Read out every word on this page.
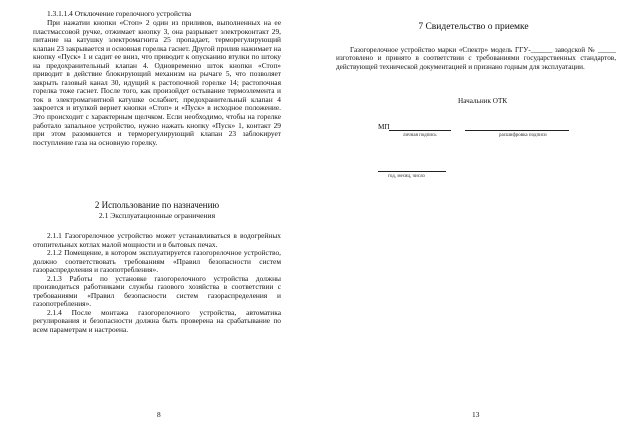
1.3.1.1.4 Отключение горелочного устройства

При нажатии кнопки «Стоп» 2 один из приливов, выполненных на ее пластмассовой ручке, отжимает кнопку 3, она разрывает электроконтакт 29, питание на катушку электромагнита 25 пропадает, терморегулирующий клапан 23 закрывается и основная горелка гаснет. Другой прилив нажимает на кнопку «Пуск» 1 и садит ее вниз, что приводит к опусканию втулки по штоку на предохранительный клапан 4. Одновременно шток кнопки «Стоп» приводит в действие блокирующий механизм на рычаге 5, что позволяет закрыть газовый канал 30, идущий к растопочной горелке 14; растопочная горелка тоже гаснет. После того, как произойдет остывание термоэлемента и ток в электромагнитной катушке ослабнет, предохранительный клапан 4 закроется и втулкой вернет кнопки «Стоп» и «Пуск» в исходное положение. Это происходит с характерным щелчком. Если необходимо, чтобы на горелке работало запальное устройство, нужно нажать кнопку «Пуск» 1, контакт 29 при этом разомкнется и терморегулирующий клапан 23 заблокирует поступление газа на основную горелку.

2 Использование по назначению
2.1 Эксплуатационные ограничения

2.1.1 Газогорелочное устройство может устанавливаться в водогрейных отопительных котлах малой мощности и в бытовых печах.

2.1.2 Помещение, в котором эксплуатируется газогорелочное устройство, должно соответствовать требованиям «Правил безопасности систем газораспределения и газопотребления».

2.1.3 Работы по установке газогорелочного устройства должны производиться работниками службы газового хозяйства в соответствии с требованиями «Правил безопасности систем газораспределения и газопотребления».

2.1.4 После монтажа газогорелочного устройства, автоматика регулирования и безопасности должна быть проверена на срабатывание по всем параметрам и настроена.

8
7 Свидетельство о приемке
Газогорелочное устройство марки «Спектр» модель ГГУ-______ заводской № _____ изготовлено и принято в соответствии с требованиями государственных стандартов, действующей технической документацией и признано годным для эксплуатации.
Начальник ОТК
МП
личная подпись	расшифровка подписи
год, месяц, число
13
